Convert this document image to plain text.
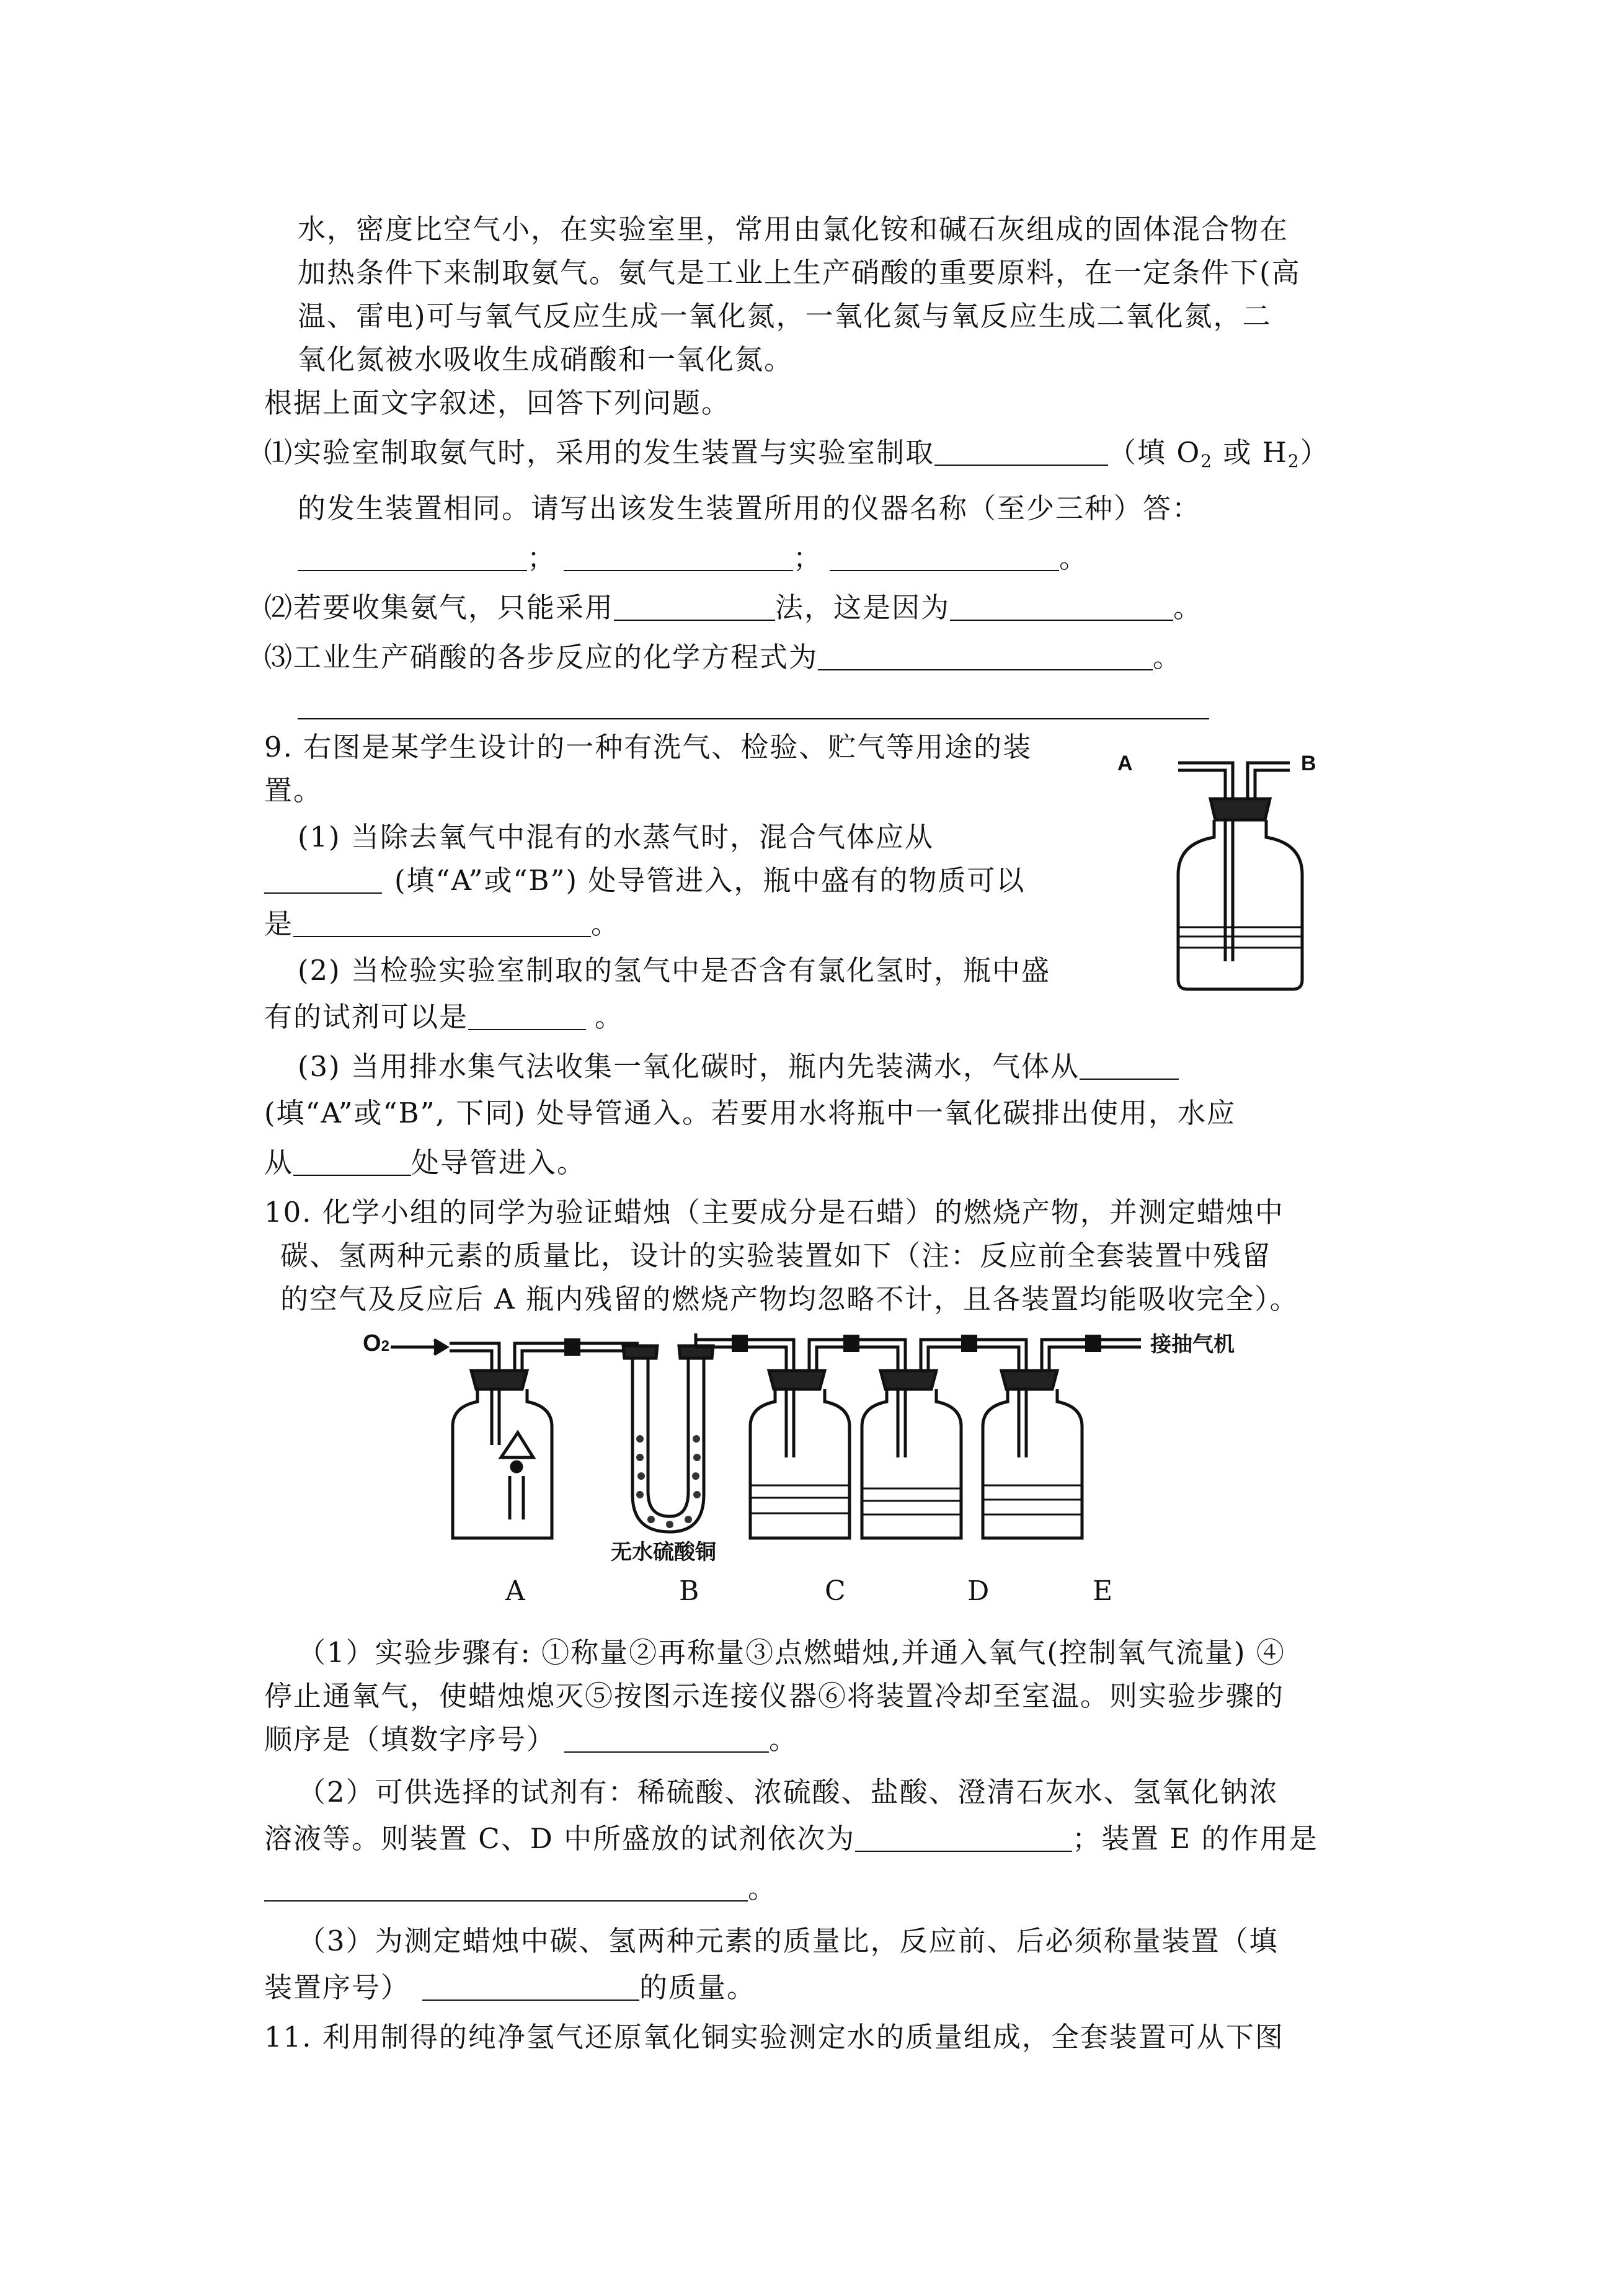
水，密度比空气小，在实验室里，常用由氯化铵和碱石灰组成的固体混合物在
加热条件下来制取氨气。氨气是工业上生产硝酸的重要原料，在一定条件下(高
温、雷电)可与氧气反应生成一氧化氮，一氧化氮与氧反应生成二氧化氮，二
氧化氮被水吸收生成硝酸和一氧化氮。
根据上面文字叙述，回答下列问题。
⑴实验室制取氨气时，采用的发生装置与实验室制取	（填 $O_2$ 或 $H_2$）
的发生装置相同。请写出该发生装置所用的仪器名称（至少三种）答：
；	；	。
⑵若要收集氨气，只能采用	法，这是因为	。
⑶工业生产硝酸的各步反应的化学方程式为	。
9. 右图是某学生设计的一种有洗气、检验、贮气等用途的装
置。
(1) 当除去氧气中混有的水蒸气时，混合气体应从
(填“A”或“B”) 处导管进入，瓶中盛有的物质可以
是	。
(2) 当检验实验室制取的氢气中是否含有氯化氢时，瓶中盛
有的试剂可以是	。
(3) 当用排水集气法收集一氧化碳时，瓶内先装满水，气体从
(填“A”或“B”, 下同) 处导管通入。若要用水将瓶中一氧化碳排出使用，水应
从	处导管进入。
A	B
10. 化学小组的同学为验证蜡烛（主要成分是石蜡）的燃烧产物，并测定蜡烛中
碳、氢两种元素的质量比，设计的实验装置如下（注：反应前全套装置中残留
的空气及反应后 A 瓶内残留的燃烧产物均忽略不计，且各装置均能吸收完全）。
O2	接抽气机
无水硫酸铜
A	B	C	D	E
（1）实验步骤有: ①称量②再称量③点燃蜡烛,并通入氧气(控制氧气流量) ④
停止通氧气，使蜡烛熄灭⑤按图示连接仪器⑥将装置冷却至室温。则实验步骤的
顺序是（填数字序号）	。
（2）可供选择的试剂有：稀硫酸、浓硫酸、盐酸、澄清石灰水、氢氧化钠浓
溶液等。则装置 C、D 中所盛放的试剂依次为	；装置 E 的作用是
。
（3）为测定蜡烛中碳、氢两种元素的质量比，反应前、后必须称量装置（填
装置序号）	的质量。
11. 利用制得的纯净氢气还原氧化铜实验测定水的质量组成，全套装置可从下图
